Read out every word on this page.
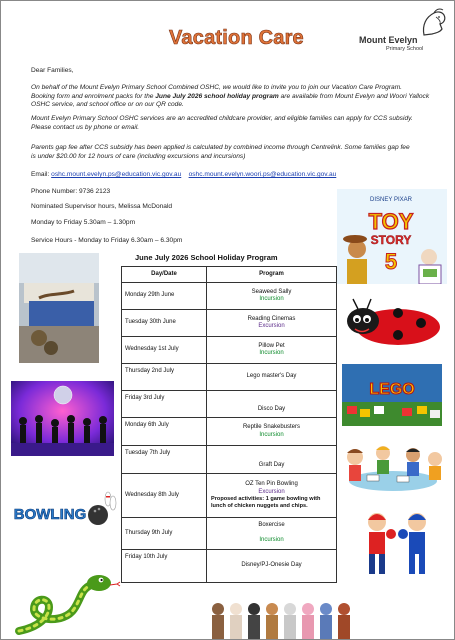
Vacation Care	Mount Evelyn
Primary School
Dear Families,
On behalf of the Mount Evelyn Primary School Combined OSHC, we would like to invite you to join our Vacation Care Program.
Booking form and enrolment packs for the June July 2026 school holiday program are available from Mount Evelyn and Woori Yallock OSHC service, and school office or on our QR code.
Mount Evelyn Primary School OSHC services are an accredited childcare provider, and eligible families can apply for CCS subsidy.
Please contact us by phone or email.
Parents gap fee after CCS subsidy has been applied is calculated by combined income through Centrelink. Some families gap fee
is under $20.00 for 12 hours of care (including excursions and incursions)
Email: oshc.mount.evelyn.ps@education.vic.gov.au oshc.mount.evelyn.woori.ps@education.vic.gov.au
Phone Number: 9736 2123
Nominated Supervisor hours, Melissa McDonald
Monday to Friday 5.30am – 1.30pm
Service Hours - Monday to Friday 6.30am – 6.30pm
June July 2026 School Holiday Program
Day/Date	Program
Monday 29th June	Seaweed Sally
Incursion
Tuesday 30th June	Reading Cinemas
Excursion
Wednesday 1st July	Pillow Pet
Incursion
Thursday 2nd July	Lego master's Day
Friday 3rd July	Disco Day
Monday 6th July	Reptile Snakebusters
Incursion
Tuesday 7th July	Graft Day
Wednesday 8th July	OZ Ten Pin Bowling
Excursion
Proposed activities: 1 game bowling with lunch of chicken nuggets and chips.

Thursday 9th July	Boxercise

Incursion
Friday 10th July	Disney/PJ-Onesie Day
DISNEY PIXAR
TOY
STORY
5
LEGO
BOWLING
